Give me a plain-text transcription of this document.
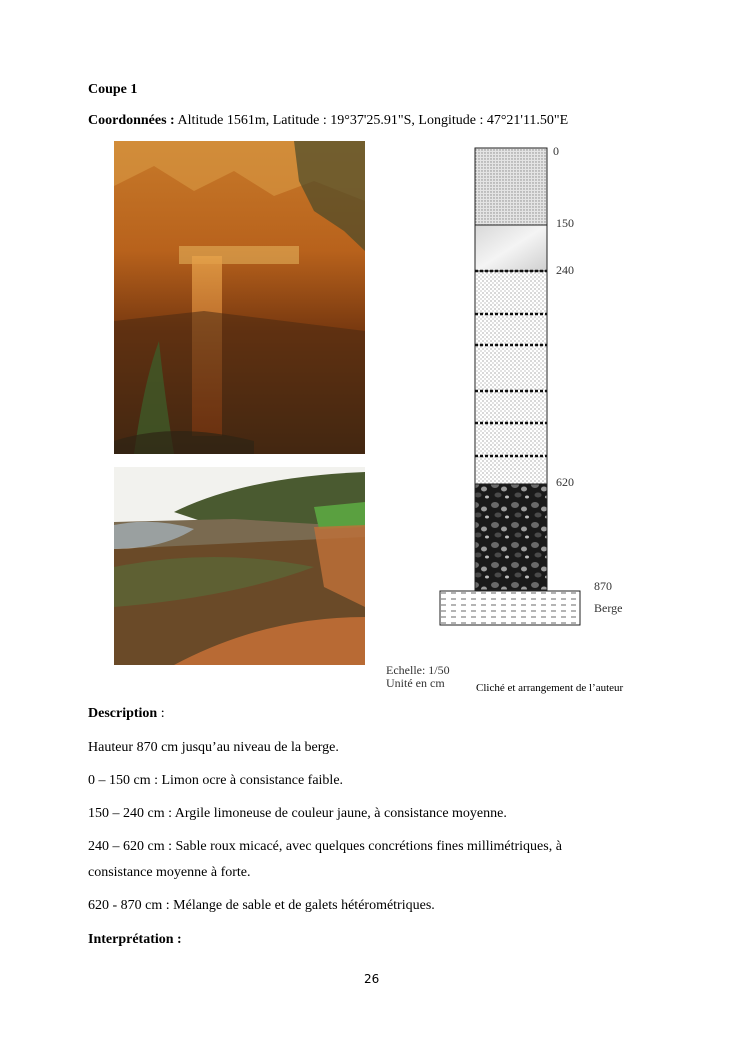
Coupe 1
Coordonnées : Altitude 1561m, Latitude : 19°37'25.91"S, Longitude : 47°21'11.50"E
0
150
240
620
870
Berge
Echelle: 1/50
Unité en cm	Cliché et arrangement de l’auteur
Description :
Hauteur 870 cm jusqu’au niveau de la berge.
0 – 150 cm : Limon ocre à consistance faible.
150 – 240 cm : Argile limoneuse de couleur jaune, à consistance moyenne.
240 – 620 cm : Sable roux micacé, avec quelques concrétions fines millimétriques, à
consistance moyenne à forte.
620 - 870 cm : Mélange de sable et de galets hétérométriques.
Interprétation :
26
